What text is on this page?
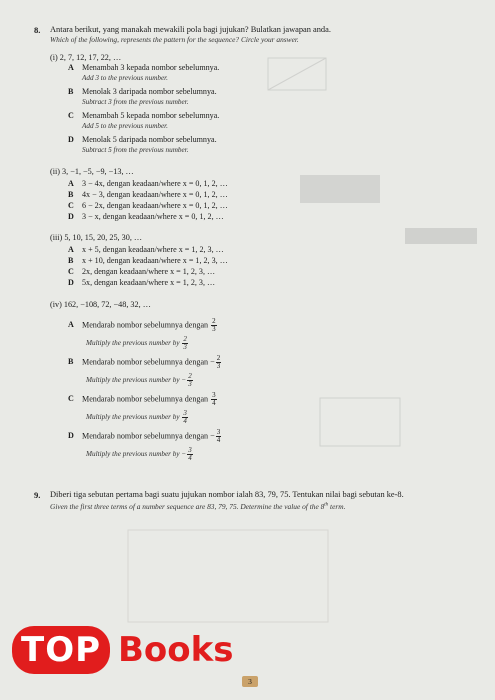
8. Antara berikut, yang manakah mewakili pola bagi jujukan? Bulatkan jawapan anda.
Which of the following, represents the pattern for the sequence? Circle your answer.
(i) 2, 7, 12, 17, 22, …
A Menambah 3 kepada nombor sebelumnya.
Add 3 to the previous number.
B Menolak 3 daripada nombor sebelumnya.
Subtract 3 from the previous number.
C Menambah 5 kepada nombor sebelumnya.
Add 5 to the previous number.
D Menolak 5 daripada nombor sebelumnya.
Subtract 5 from the previous number.
(ii) 3, −1, −5, −9, −13, …
A 3 − 4x, dengan keadaan/where x = 0, 1, 2, …
B 4x − 3, dengan keadaan/where x = 0, 1, 2, …
C 6 − 2x, dengan keadaan/where x = 0, 1, 2, …
D 3 − x, dengan keadaan/where x = 0, 1, 2, …
(iii) 5, 10, 15, 20, 25, 30, …
A x + 5, dengan keadaan/where x = 1, 2, 3, …
B x + 10, dengan keadaan/where x = 1, 2, 3, …
C 2x, dengan keadaan/where x = 1, 2, 3, …
D 5x, dengan keadaan/where x = 1, 2, 3, …
(iv) 162, −108, 72, −48, 32, …
A Mendarab nombor sebelumnya dengan $\frac{2}{3}$
Multiply the previous number by $\frac{2}{3}$
B Mendarab nombor sebelumnya dengan − $\frac{2}{3}$
Multiply the previous number by − $\frac{2}{3}$
C Mendarab nombor sebelumnya dengan $\frac{3}{4}$
Multiply the previous number by $\frac{3}{4}$
D Mendarab nombor sebelumnya dengan − $\frac{3}{4}$
Multiply the previous number by − $\frac{3}{4}$
9. Diberi tiga sebutan pertama bagi suatu jujukan nombor ialah 83, 79, 75. Tentukan nilai bagi sebutan ke-8.
Given the first three terms of a number sequence are 83, 79, 75. Determine the value of the 8th term.
TOP Books
3
